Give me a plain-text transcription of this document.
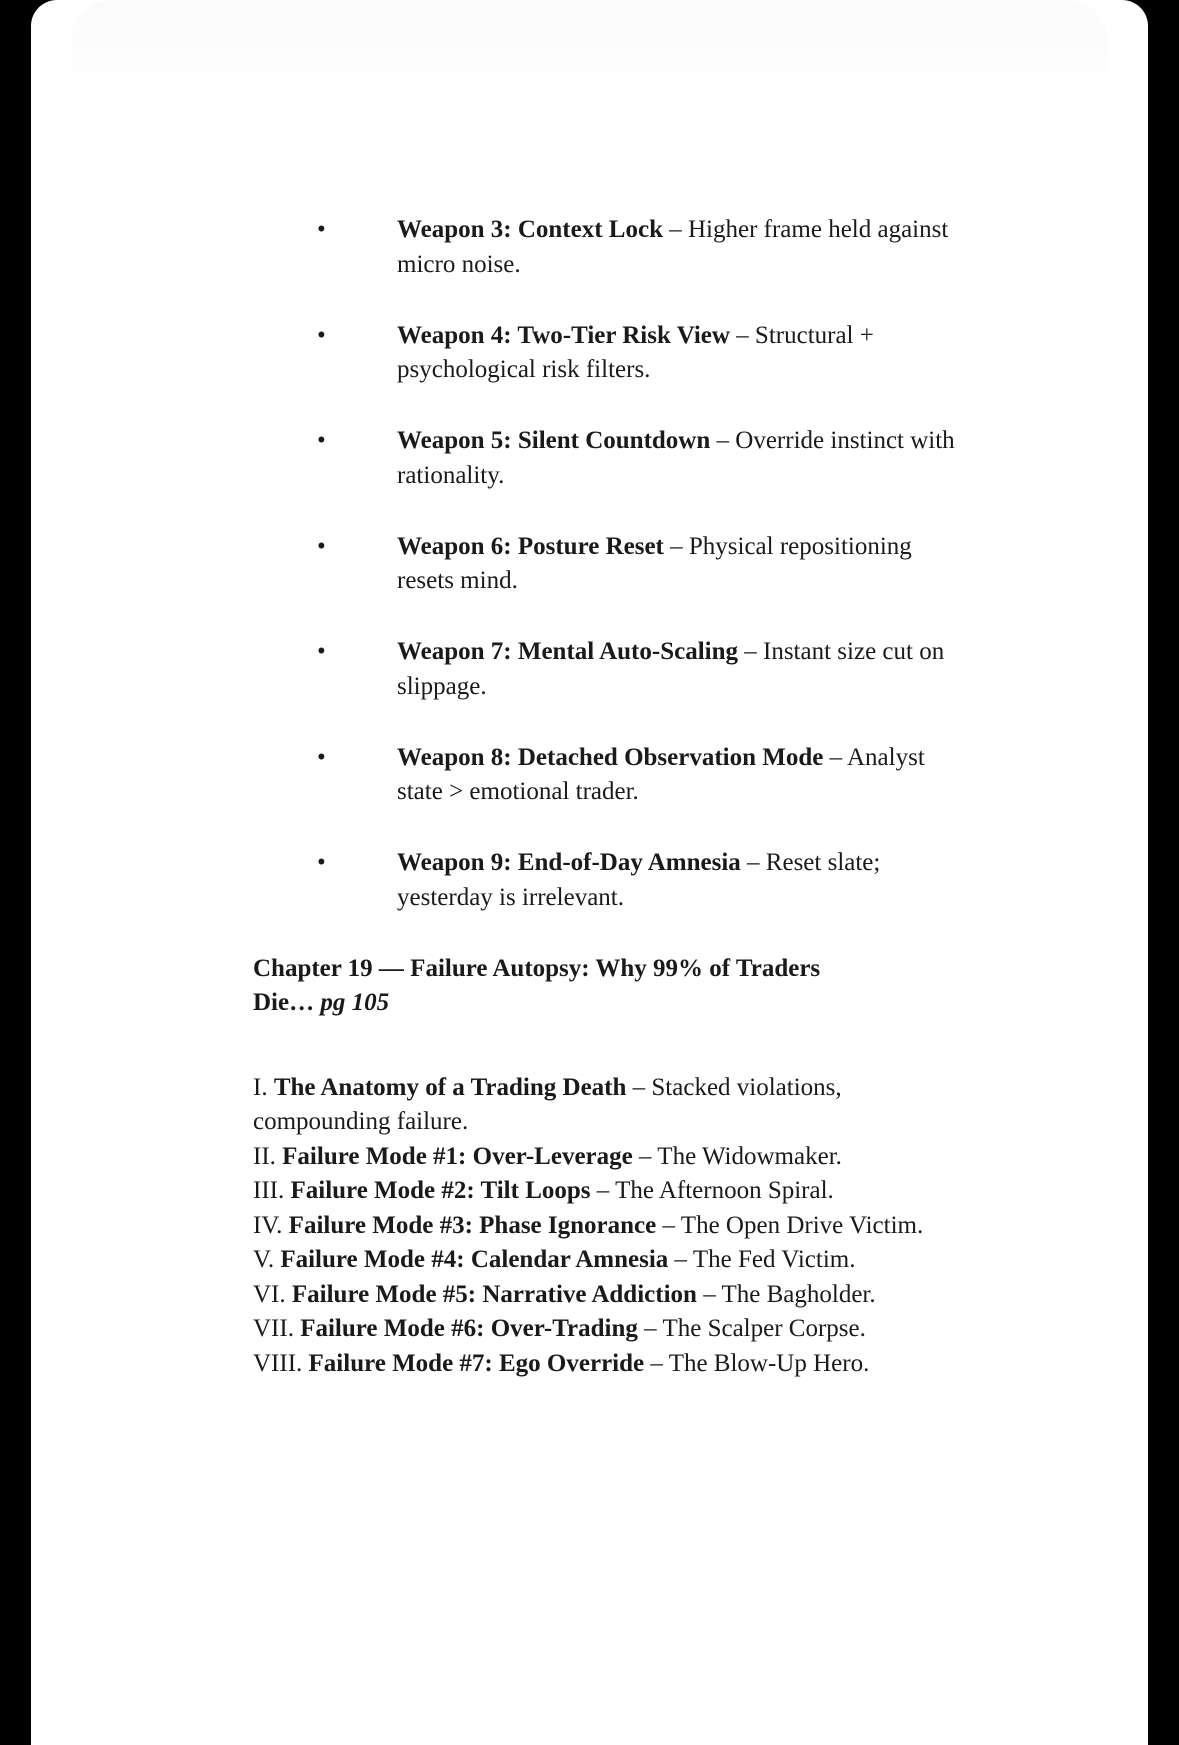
•	Weapon 3: Context Lock – Higher frame held against micro noise.
•	Weapon 4: Two-Tier Risk View – Structural + psychological risk filters.
•	Weapon 5: Silent Countdown – Override instinct with rationality.
•	Weapon 6: Posture Reset – Physical repositioning resets mind.
•	Weapon 7: Mental Auto-Scaling – Instant size cut on slippage.
•	Weapon 8: Detached Observation Mode – Analyst state > emotional trader.
•	Weapon 9: End-of-Day Amnesia – Reset slate; yesterday is irrelevant.
Chapter 19 — Failure Autopsy: Why 99% of Traders Die… pg 105
I. The Anatomy of a Trading Death – Stacked violations, compounding failure.
II. Failure Mode #1: Over-Leverage – The Widowmaker.
III. Failure Mode #2: Tilt Loops – The Afternoon Spiral.
IV. Failure Mode #3: Phase Ignorance – The Open Drive Victim.
V. Failure Mode #4: Calendar Amnesia – The Fed Victim.
VI. Failure Mode #5: Narrative Addiction – The Bagholder.
VII. Failure Mode #6: Over-Trading – The Scalper Corpse.
VIII. Failure Mode #7: Ego Override – The Blow-Up Hero.
